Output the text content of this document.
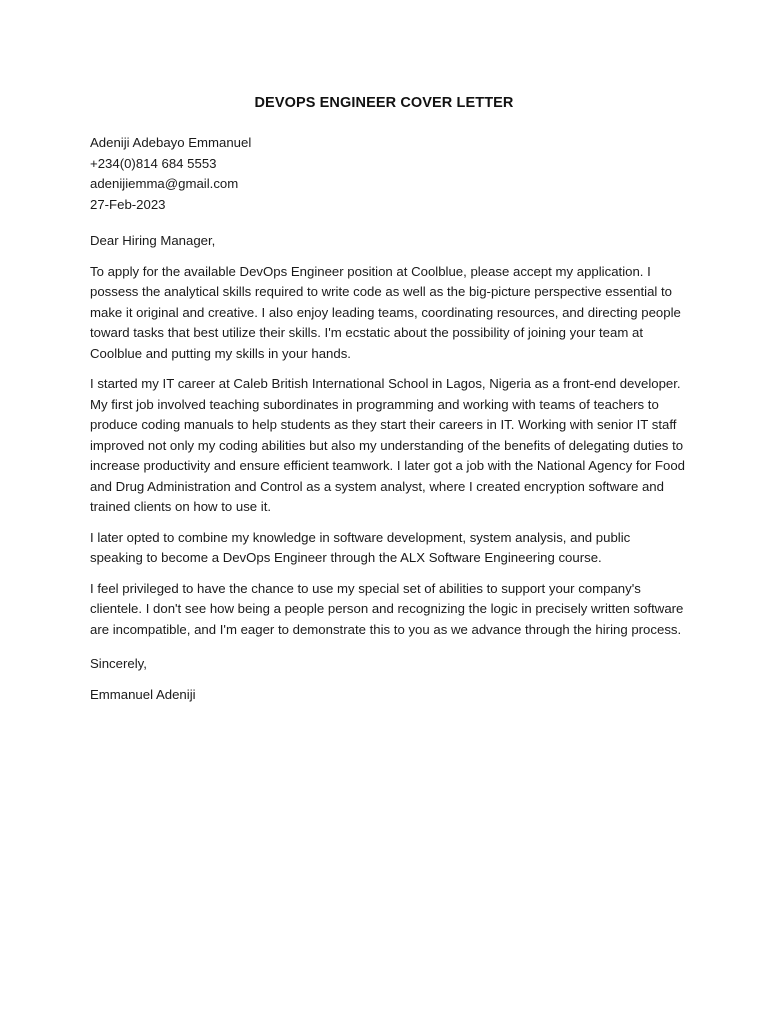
DEVOPS ENGINEER COVER LETTER
Adeniji Adebayo Emmanuel
+234(0)814 684 5553
adenijiemma@gmail.com
27-Feb-2023

Dear Hiring Manager,

To apply for the available DevOps Engineer position at Coolblue, please accept my application. I possess the analytical skills required to write code as well as the big-picture perspective essential to make it original and creative. I also enjoy leading teams, coordinating resources, and directing people toward tasks that best utilize their skills. I'm ecstatic about the possibility of joining your team at Coolblue and putting my skills in your hands.

I started my IT career at Caleb British International School in Lagos, Nigeria as a front-end developer. My first job involved teaching subordinates in programming and working with teams of teachers to produce coding manuals to help students as they start their careers in IT. Working with senior IT staff improved not only my coding abilities but also my understanding of the benefits of delegating duties to increase productivity and ensure efficient teamwork. I later got a job with the National Agency for Food and Drug Administration and Control as a system analyst, where I created encryption software and trained clients on how to use it.

I later opted to combine my knowledge in software development, system analysis, and public speaking to become a DevOps Engineer through the ALX Software Engineering course.

I feel privileged to have the chance to use my special set of abilities to support your company's clientele. I don't see how being a people person and recognizing the logic in precisely written software are incompatible, and I'm eager to demonstrate this to you as we advance through the hiring process.

Sincerely,

Emmanuel Adeniji
